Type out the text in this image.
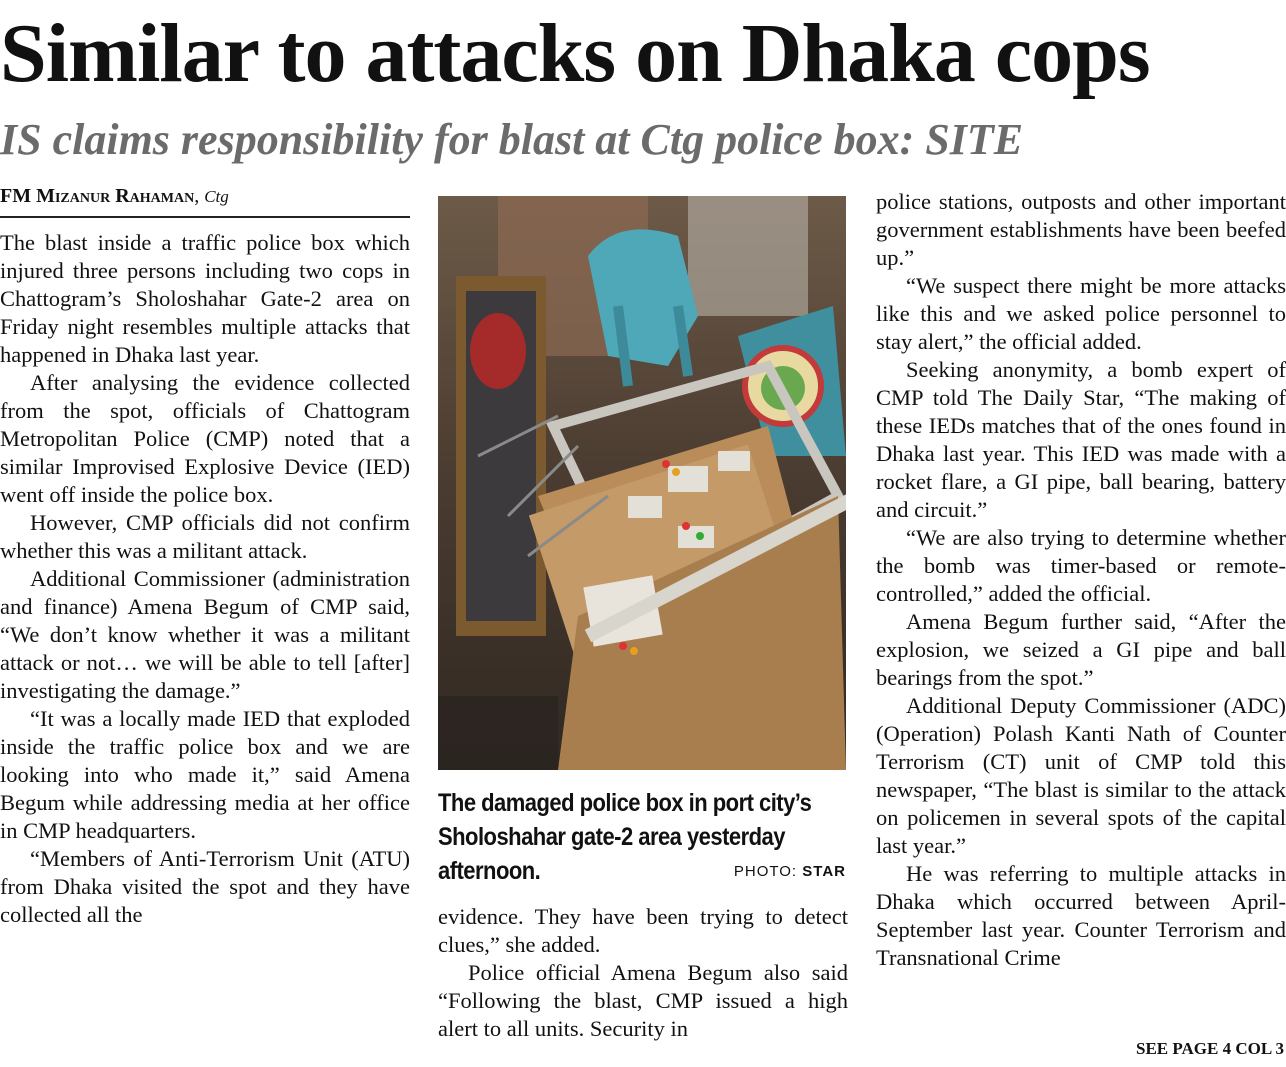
Similar to attacks on Dhaka cops
IS claims responsibility for blast at Ctg police box: SITE
FM Mizanur Rahaman, Ctg

The blast inside a traffic police box which injured three persons including two cops in Chattogram’s Sholoshahar Gate-2 area on Friday night resembles multiple attacks that happened in Dhaka last year.

After analysing the evidence collected from the spot, officials of Chattogram Metropolitan Police (CMP) noted that a similar Improvised Explosive Device (IED) went off inside the police box.

However, CMP officials did not confirm whether this was a militant attack.

Additional Commissioner (administration and finance) Amena Begum of CMP said, “We don’t know whether it was a militant attack or not… we will be able to tell [after] investigating the damage.”

“It was a locally made IED that exploded inside the traffic police box and we are looking into who made it,” said Amena Begum while addressing media at her office in CMP headquarters.

“Members of Anti-Terrorism Unit (ATU) from Dhaka visited the spot and they have collected all the

The damaged police box in port city’s Sholoshahar gate-2 area yesterday afternoon.	PHOTO: STAR

evidence. They have been trying to detect clues,” she added.

Police official Amena Begum also said “Following the blast, CMP issued a high alert to all units. Security in

police stations, outposts and other important government establishments have been beefed up.”

“We suspect there might be more attacks like this and we asked police personnel to stay alert,” the official added.

Seeking anonymity, a bomb expert of CMP told The Daily Star, “The making of these IEDs matches that of the ones found in Dhaka last year. This IED was made with a rocket flare, a GI pipe, ball bearing, battery and circuit.”

“We are also trying to determine whether the bomb was timer-based or remote-controlled,” added the official.

Amena Begum further said, “After the explosion, we seized a GI pipe and ball bearings from the spot.”

Additional Deputy Commissioner (ADC) (Operation) Polash Kanti Nath of Counter Terrorism (CT) unit of CMP told this newspaper, “The blast is similar to the attack on policemen in several spots of the capital last year.”

He was referring to multiple attacks in Dhaka which occurred between April-September last year. Counter Terrorism and Transnational Crime

SEE PAGE 4 COL 3
